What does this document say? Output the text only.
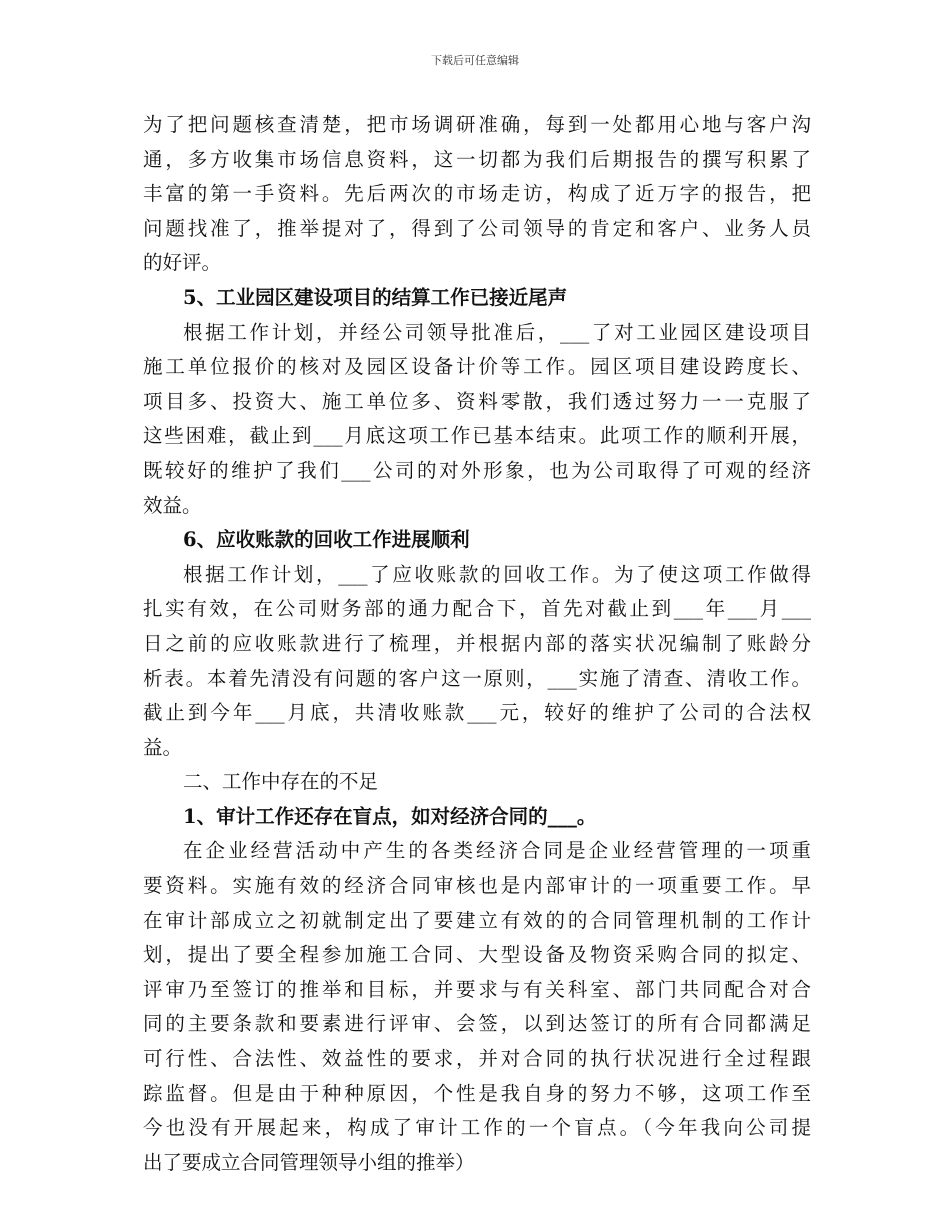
下载后可任意编辑
为了把问题核查清楚，把市场调研准确，每到一处都用心地与客户沟
通，多方收集市场信息资料，这一切都为我们后期报告的撰写积累了
丰富的第一手资料。先后两次的市场走访，构成了近万字的报告，把
问题找准了，推举提对了，得到了公司领导的肯定和客户、业务人员
的好评。
5、工业园区建设项目的结算工作已接近尾声
根据工作计划，并经公司领导批准后，___了对工业园区建设项目
施工单位报价的核对及园区设备计价等工作。园区项目建设跨度长、
项目多、投资大、施工单位多、资料零散，我们透过努力一一克服了
这些困难，截止到___月底这项工作已基本结束。此项工作的顺利开展，
既较好的维护了我们___公司的对外形象，也为公司取得了可观的经济
效益。
6、应收账款的回收工作进展顺利
根据工作计划，___了应收账款的回收工作。为了使这项工作做得
扎实有效，在公司财务部的通力配合下，首先对截止到___年___月___
日之前的应收账款进行了梳理，并根据内部的落实状况编制了账龄分
析表。本着先清没有问题的客户这一原则，___实施了清查、清收工作。
截止到今年___月底，共清收账款___元，较好的维护了公司的合法权
益。
二、工作中存在的不足
1、审计工作还存在盲点，如对经济合同的___。
在企业经营活动中产生的各类经济合同是企业经营管理的一项重
要资料。实施有效的经济合同审核也是内部审计的一项重要工作。早
在审计部成立之初就制定出了要建立有效的的合同管理机制的工作计
划，提出了要全程参加施工合同、大型设备及物资采购合同的拟定、
评审乃至签订的推举和目标，并要求与有关科室、部门共同配合对合
同的主要条款和要素进行评审、会签，以到达签订的所有合同都满足
可行性、合法性、效益性的要求，并对合同的执行状况进行全过程跟
踪监督。但是由于种种原因，个性是我自身的努力不够，这项工作至
今也没有开展起来，构成了审计工作的一个盲点。（今年我向公司提
出了要成立合同管理领导小组的推举）
